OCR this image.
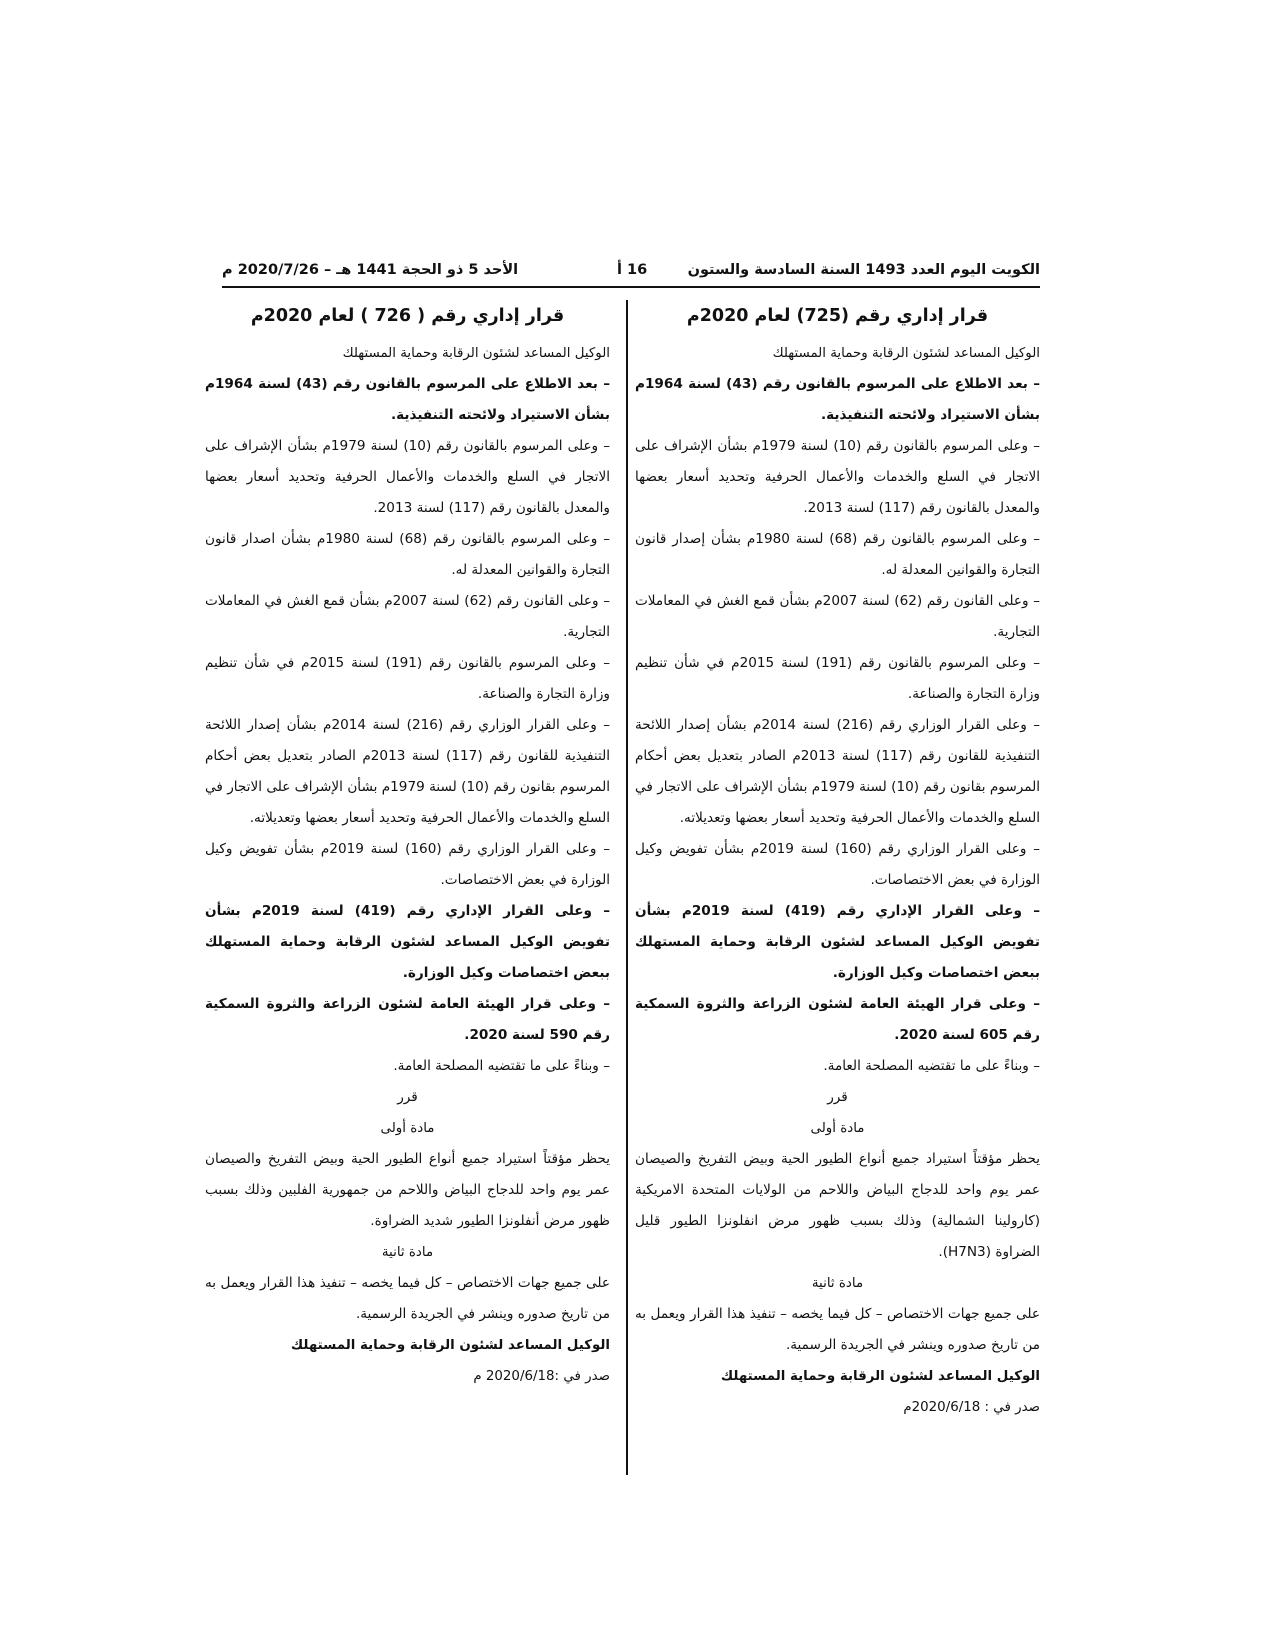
الكويت اليوم العدد 1493 السنة السادسة والستون
16 أ
الأحد 5 ذو الحجة 1441 هـ – 2020/7/26 م
قرار إداري رقم (725) لعام 2020م

الوكيل المساعد لشئون الرقابة وحماية المستهلك

– بعد الاطلاع على المرسوم بالقانون رقم (43) لسنة 1964م بشأن الاستيراد ولائحته التنفيذية.

– وعلى المرسوم بالقانون رقم (10) لسنة 1979م بشأن الإشراف على الاتجار في السلع والخدمات والأعمال الحرفية وتحديد أسعار بعضها والمعدل بالقانون رقم (117) لسنة 2013.

– وعلى المرسوم بالقانون رقم (68) لسنة 1980م بشأن إصدار قانون التجارة والقوانين المعدلة له.

– وعلى القانون رقم (62) لسنة 2007م بشأن قمع الغش في المعاملات التجارية.

– وعلى المرسوم بالقانون رقم (191) لسنة 2015م في شأن تنظيم وزارة التجارة والصناعة.

– وعلى القرار الوزاري رقم (216) لسنة 2014م بشأن إصدار اللائحة التنفيذية للقانون رقم (117) لسنة 2013م الصادر بتعديل بعض أحكام المرسوم بقانون رقم (10) لسنة 1979م بشأن الإشراف على الاتجار في السلع والخدمات والأعمال الحرفية وتحديد أسعار بعضها وتعديلاته.

– وعلى القرار الوزاري رقم (160) لسنة 2019م بشأن تفويض وكيل الوزارة في بعض الاختصاصات.

– وعلى القرار الإداري رقم (419) لسنة 2019م بشأن تفويض الوكيل المساعد لشئون الرقابة وحماية المستهلك ببعض اختصاصات وكيل الوزارة.

– وعلى قرار الهيئة العامة لشئون الزراعة والثروة السمكية رقم 605 لسنة 2020.

– وبناءً على ما تقتضيه المصلحة العامة.

قرر

مادة أولى

يحظر مؤقتاً استيراد جميع أنواع الطيور الحية وبيض التفريخ والصيصان عمر يوم واحد للدجاج البياض واللاحم من الولايات المتحدة الامريكية (كارولينا الشمالية) وذلك بسبب ظهور مرض انفلونزا الطيور قليل الضراوة (H7N3).

مادة ثانية

على جميع جهات الاختصاص – كل فيما يخصه – تنفيذ هذا القرار ويعمل به من تاريخ صدوره وينشر في الجريدة الرسمية.

الوكيل المساعد لشئون الرقابة وحماية المستهلك

صدر في : 2020/6/18م

قرار إداري رقم ( 726 ) لعام 2020م

الوكيل المساعد لشئون الرقابة وحماية المستهلك

– بعد الاطلاع على المرسوم بالقانون رقم (43) لسنة 1964م بشأن الاستيراد ولائحته التنفيذية.

– وعلى المرسوم بالقانون رقم (10) لسنة 1979م بشأن الإشراف على الاتجار في السلع والخدمات والأعمال الحرفية وتحديد أسعار بعضها والمعدل بالقانون رقم (117) لسنة 2013.

– وعلى المرسوم بالقانون رقم (68) لسنة 1980م بشأن اصدار قانون التجارة والقوانين المعدلة له.

– وعلى القانون رقم (62) لسنة 2007م بشأن قمع الغش في المعاملات التجارية.

– وعلى المرسوم بالقانون رقم (191) لسنة 2015م في شأن تنظيم وزارة التجارة والصناعة.

– وعلى القرار الوزاري رقم (216) لسنة 2014م بشأن إصدار اللائحة التنفيذية للقانون رقم (117) لسنة 2013م الصادر بتعديل بعض أحكام المرسوم بقانون رقم (10) لسنة 1979م بشأن الإشراف على الاتجار في السلع والخدمات والأعمال الحرفية وتحديد أسعار بعضها وتعديلاته.

– وعلى القرار الوزاري رقم (160) لسنة 2019م بشأن تفويض وكيل الوزارة في بعض الاختصاصات.

– وعلى القرار الإداري رقم (419) لسنة 2019م بشأن تفويض الوكيل المساعد لشئون الرقابة وحماية المستهلك ببعض اختصاصات وكيل الوزارة.

– وعلى قرار الهيئة العامة لشئون الزراعة والثروة السمكية رقم 590 لسنة 2020.

– وبناءً على ما تقتضيه المصلحة العامة.

قرر

مادة أولى

يحظر مؤقتاً استيراد جميع أنواع الطيور الحية وبيض التفريخ والصيصان عمر يوم واحد للدجاج البياض واللاحم من جمهورية الفلبين وذلك بسبب ظهور مرض أنفلونزا الطيور شديد الضراوة.

مادة ثانية

على جميع جهات الاختصاص – كل فيما يخصه – تنفيذ هذا القرار ويعمل به من تاريخ صدوره وينشر في الجريدة الرسمية.

الوكيل المساعد لشئون الرقابة وحماية المستهلك

صدر في :2020/6/18 م
